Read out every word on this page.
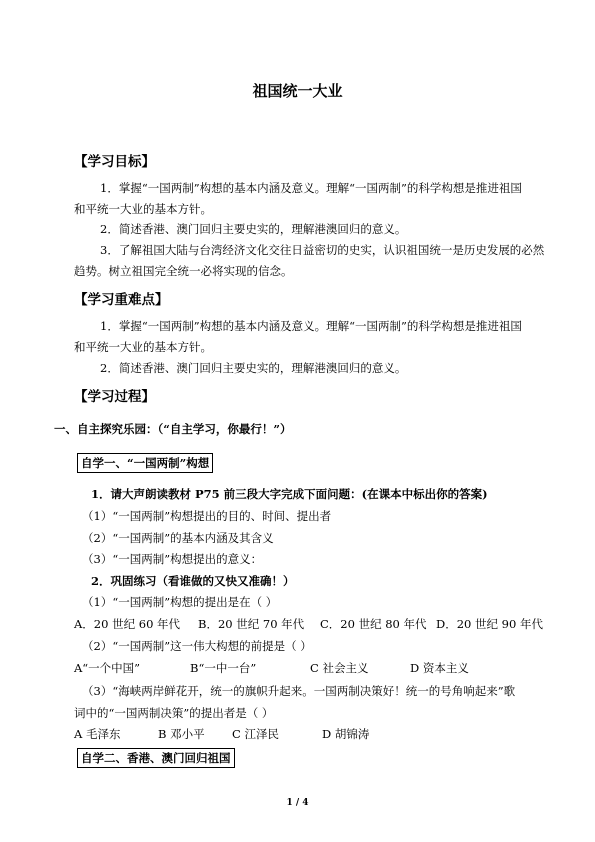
祖国统一大业
【学习目标】
1．掌握“一国两制”构想的基本内涵及意义。理解“一国两制”的科学构想是推进祖国
和平统一大业的基本方针。
2．简述香港、澳门回归主要史实的，理解港澳回归的意义。
3．了解祖国大陆与台湾经济文化交往日益密切的史实，认识祖国统一是历史发展的必然
趋势。树立祖国完全统一必将实现的信念。
【学习重难点】
1．掌握“一国两制”构想的基本内涵及意义。理解“一国两制”的科学构想是推进祖国
和平统一大业的基本方针。
2．简述香港、澳门回归主要史实的，理解港澳回归的意义。
【学习过程】
一、自主探究乐园：（“自主学习，你最行！”）
自学一、“一国两制”构想
1．请大声朗读教材 P75 前三段大字完成下面问题：(在课本中标出你的答案)
（1）“一国两制”构想提出的目的、时间、提出者
（2）“一国两制”的基本内涵及其含义
（3）“一国两制”构想提出的意义：
2．巩固练习（看谁做的又快又准确！）
（1）“一国两制”构想的提出是在（ ）
A．20 世纪 60 年代 B．20 世纪 70 年代 C．20 世纪 80 年代 D．20 世纪 90 年代
（2）“一国两制”这一伟大构想的前提是（ ）
A“一个中国”	B“一中一台”	C 社会主义	D 资本主义
（3）“海峡两岸鲜花开，统一的旗帜升起来。一国两制决策好！统一的号角响起来”歌
词中的“一国两制决策”的提出者是（ ）
A 毛泽东	B 邓小平 C 江泽民	D 胡锦涛
自学二、香港、澳门回归祖国
1 / 4
